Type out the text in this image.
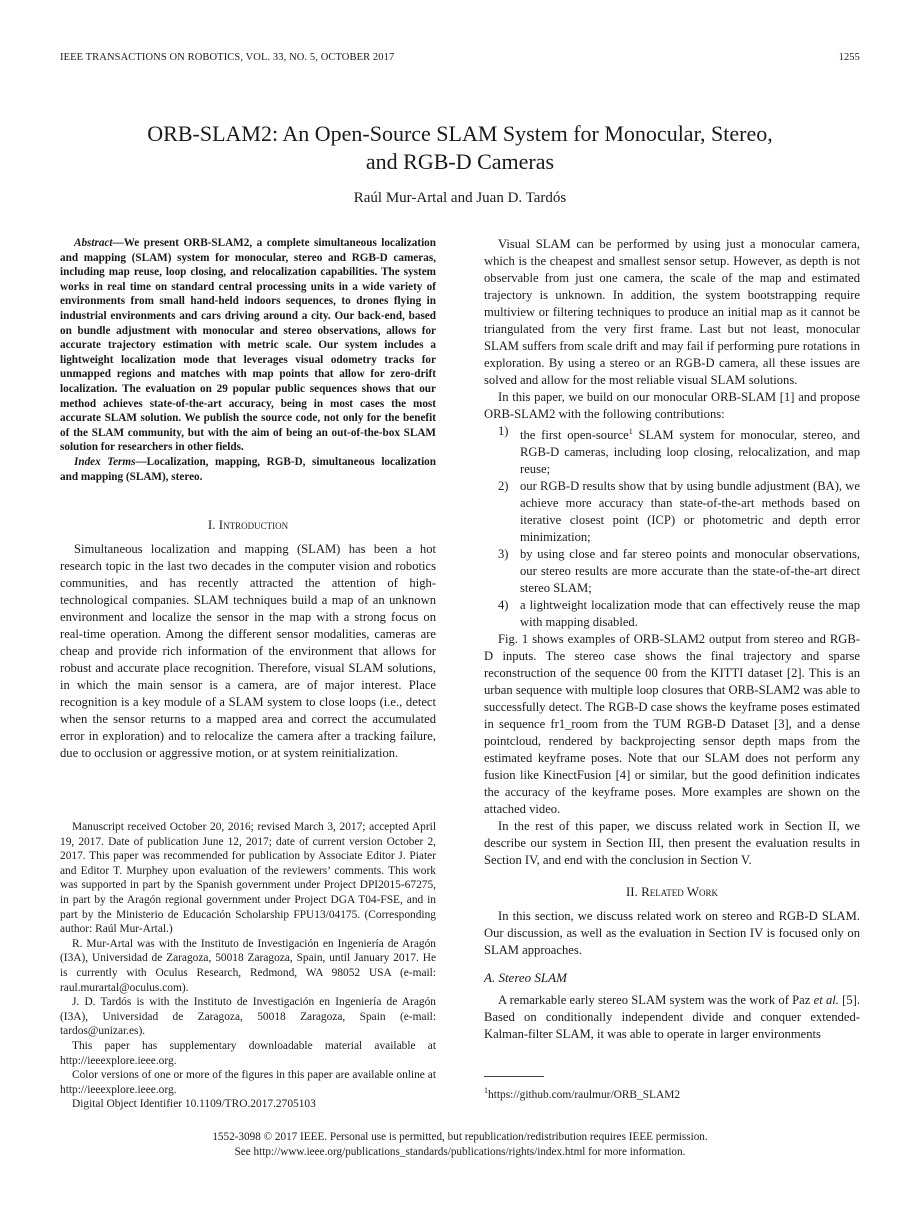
IEEE TRANSACTIONS ON ROBOTICS, VOL. 33, NO. 5, OCTOBER 2017	1255
ORB-SLAM2: An Open-Source SLAM System for Monocular, Stereo,
and RGB-D Cameras
Raúl Mur-Artal and Juan D. Tardós

Abstract—We present ORB-SLAM2, a complete simultaneous localization and mapping (SLAM) system for monocular, stereo and RGB-D cameras, including map reuse, loop closing, and relocalization capabilities. The system works in real time on standard central processing units in a wide variety of environments from small hand-held indoors sequences, to drones flying in industrial environments and cars driving around a city. Our back-end, based on bundle adjustment with monocular and stereo observations, allows for accurate trajectory estimation with metric scale. Our system includes a lightweight localization mode that leverages visual odometry tracks for unmapped regions and matches with map points that allow for zero-drift localization. The evaluation on 29 popular public sequences shows that our method achieves state-of-the-art accuracy, being in most cases the most accurate SLAM solution. We publish the source code, not only for the benefit of the SLAM community, but with the aim of being an out-of-the-box SLAM solution for researchers in other fields.

Index Terms—Localization, mapping, RGB-D, simultaneous localization and mapping (SLAM), stereo.

I. Introduction

Simultaneous localization and mapping (SLAM) has been a hot research topic in the last two decades in the computer vision and robotics communities, and has recently attracted the attention of high-technological companies. SLAM techniques build a map of an unknown environment and localize the sensor in the map with a strong focus on real-time operation. Among the different sensor modalities, cameras are cheap and provide rich information of the environment that allows for robust and accurate place recognition. Therefore, visual SLAM solutions, in which the main sensor is a camera, are of major interest. Place recognition is a key module of a SLAM system to close loops (i.e., detect when the sensor returns to a mapped area and correct the accumulated error in exploration) and to relocalize the camera after a tracking failure, due to occlusion or aggressive motion, or at system reinitialization.

Manuscript received October 20, 2016; revised March 3, 2017; accepted April 19, 2017. Date of publication June 12, 2017; date of current version October 2, 2017. This paper was recommended for publication by Associate Editor J. Piater and Editor T. Murphey upon evaluation of the reviewers’ comments. This work was supported in part by the Spanish government under Project DPI2015-67275, in part by the Aragón regional government under Project DGA T04-FSE, and in part by the Ministerio de Educación Scholarship FPU13/04175. (Corresponding author: Raúl Mur-Artal.)

R. Mur-Artal was with the Instituto de Investigación en Ingeniería de Aragón (I3A), Universidad de Zaragoza, 50018 Zaragoza, Spain, until January 2017. He is currently with Oculus Research, Redmond, WA 98052 USA (e-mail: raul.murartal@oculus.com).

J. D. Tardós is with the Instituto de Investigación en Ingeniería de Aragón (I3A), Universidad de Zaragoza, 50018 Zaragoza, Spain (e-mail: tardos@unizar.es).

This paper has supplementary downloadable material available at http://ieeexplore.ieee.org.

Color versions of one or more of the figures in this paper are available online at http://ieeexplore.ieee.org.

Digital Object Identifier 10.1109/TRO.2017.2705103

Visual SLAM can be performed by using just a monocular camera, which is the cheapest and smallest sensor setup. However, as depth is not observable from just one camera, the scale of the map and estimated trajectory is unknown. In addition, the system bootstrapping require multiview or filtering techniques to produce an initial map as it cannot be triangulated from the very first frame. Last but not least, monocular SLAM suffers from scale drift and may fail if performing pure rotations in exploration. By using a stereo or an RGB-D camera, all these issues are solved and allow for the most reliable visual SLAM solutions.

In this paper, we build on our monocular ORB-SLAM [1] and propose ORB-SLAM2 with the following contributions:

1) the first open-source$^1$ SLAM system for monocular, stereo, and RGB-D cameras, including loop closing, relocalization, and map reuse;
2) our RGB-D results show that by using bundle adjustment (BA), we achieve more accuracy than state-of-the-art methods based on iterative closest point (ICP) or photometric and depth error minimization;
3) by using close and far stereo points and monocular observations, our stereo results are more accurate than the state-of-the-art direct stereo SLAM;
4) a lightweight localization mode that can effectively reuse the map with mapping disabled.

Fig. 1 shows examples of ORB-SLAM2 output from stereo and RGB-D inputs. The stereo case shows the final trajectory and sparse reconstruction of the sequence 00 from the KITTI dataset [2]. This is an urban sequence with multiple loop closures that ORB-SLAM2 was able to successfully detect. The RGB-D case shows the keyframe poses estimated in sequence fr1_room from the TUM RGB-D Dataset [3], and a dense pointcloud, rendered by backprojecting sensor depth maps from the estimated keyframe poses. Note that our SLAM does not perform any fusion like KinectFusion [4] or similar, but the good definition indicates the accuracy of the keyframe poses. More examples are shown on the attached video.

In the rest of this paper, we discuss related work in Section II, we describe our system in Section III, then present the evaluation results in Section IV, and end with the conclusion in Section V.

II. Related Work

In this section, we discuss related work on stereo and RGB-D SLAM. Our discussion, as well as the evaluation in Section IV is focused only on SLAM approaches.

A. Stereo SLAM

A remarkable early stereo SLAM system was the work of Paz et al. [5]. Based on conditionally independent divide and conquer extended-Kalman-filter SLAM, it was able to operate in larger environments

$^1$https://github.com/raulmur/ORB_SLAM2
1552-3098 © 2017 IEEE. Personal use is permitted, but republication/redistribution requires IEEE permission.
See http://www.ieee.org/publications_standards/publications/rights/index.html for more information.
